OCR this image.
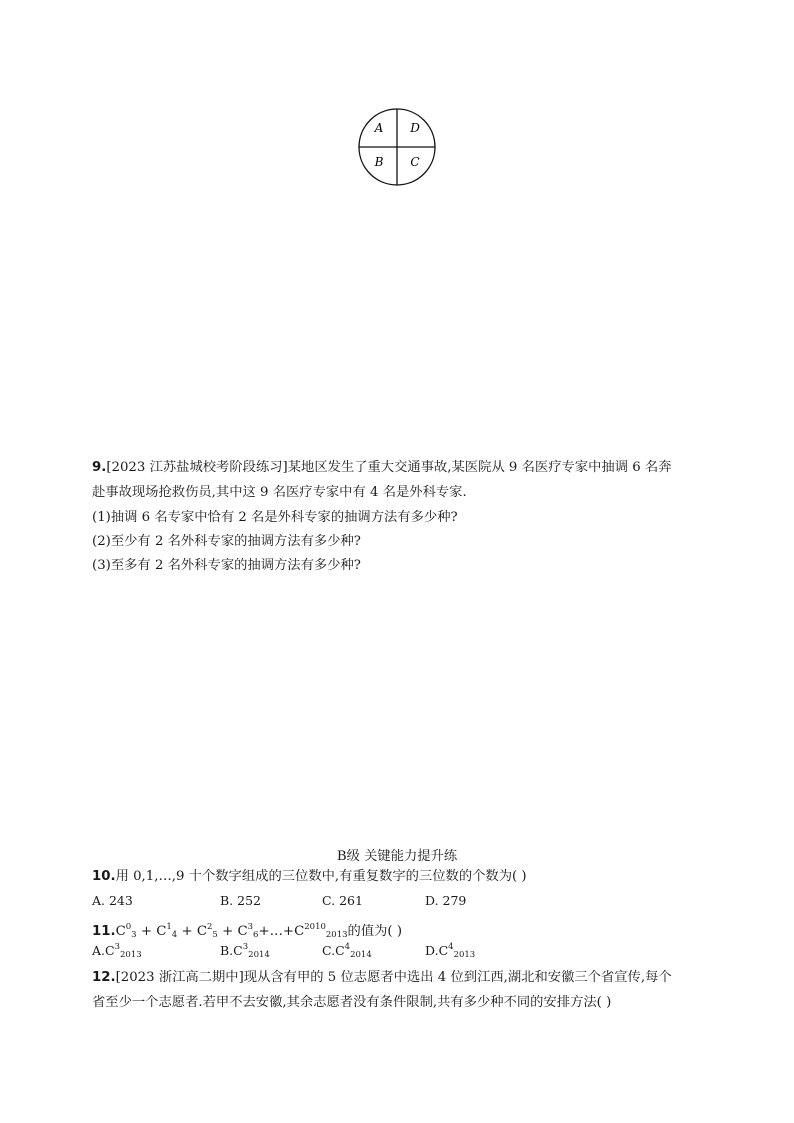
A D
B C
9.[2023 江苏盐城校考阶段练习]某地区发生了重大交通事故,某医院从 9 名医疗专家中抽调 6 名奔
赴事故现场抢救伤员,其中这 9 名医疗专家中有 4 名是外科专家.
(1)抽调 6 名专家中恰有 2 名是外科专家的抽调方法有多少种?
(2)至少有 2 名外科专家的抽调方法有多少种?
(3)至多有 2 名外科专家的抽调方法有多少种?
B级 关键能力提升练
10.用 0,1,…,9 十个数字组成的三位数中,有重复数字的三位数的个数为( )
A. 243	B. 252	C. 261	D. 279
$11.C^0_3 + C^1_4 + C^2_5$ + $C^3_6+\dots+C^{2010}_{2013}$的值为( )
$A.C^3_{2013}$	$B.C^3_{2014}$	$C.C^4_{2014}$	$D.C^4_{2013}$
12.[2023 浙江高二期中]现从含有甲的 5 位志愿者中选出 4 位到江西,湖北和安徽三个省宣传,每个
省至少一个志愿者.若甲不去安徽,其余志愿者没有条件限制,共有多少种不同的安排方法( )
